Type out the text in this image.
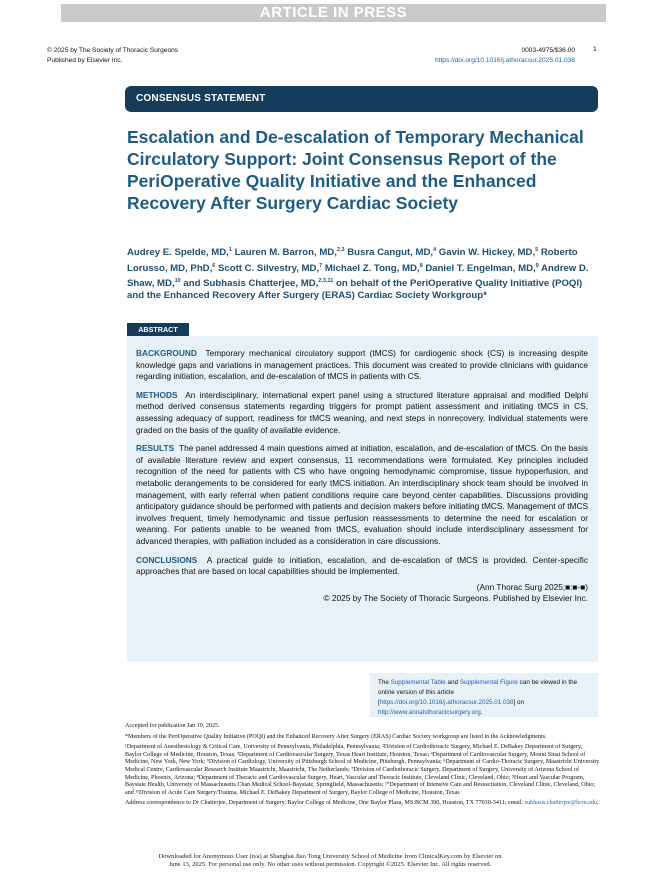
ARTICLE IN PRESS
© 2025 by The Society of Thoracic Surgeons
Published by Elsevier Inc.
0003-4975/$36.00
https://doi.org/10.1016/j.athoracsur.2025.01.038
1
CONSENSUS STATEMENT
Escalation and De-escalation of Temporary Mechanical Circulatory Support: Joint Consensus Report of the PeriOperative Quality Initiative and the Enhanced Recovery After Surgery Cardiac Society
Audrey E. Spelde, MD,$^1$ Lauren M. Barron, MD,$^{2,3}$ Busra Cangut, MD,$^4$ Gavin W. Hickey, MD,$^5$ Roberto Lorusso, MD, PhD,$^6$ Scott C. Silvestry, MD,$^7$ Michael Z. Tong, MD,$^8$ Daniel T. Engelman, MD,$^9$ Andrew D. Shaw, MD,$^{10}$ and Subhasis Chatterjee, MD,$^{2,3,11}$ on behalf of the PeriOperative Quality Initiative (POQI) and the Enhanced Recovery After Surgery (ERAS) Cardiac Society Workgroup*
ABSTRACT

BACKGROUND Temporary mechanical circulatory support (tMCS) for cardiogenic shock (CS) is increasing despite knowledge gaps and variations in management practices. This document was created to provide clinicians with guidance regarding initiation, escalation, and de-escalation of tMCS in patients with CS.

METHODS An interdisciplinary, international expert panel using a structured literature appraisal and modified Delphi method derived consensus statements regarding triggers for prompt patient assessment and initiating tMCS in CS, assessing adequacy of support, readiness for tMCS weaning, and next steps in nonrecovery. Individual statements were graded on the basis of the quality of available evidence.

RESULTS The panel addressed 4 main questions aimed at initiation, escalation, and de-escalation of tMCS. On the basis of available literature review and expert consensus, 11 recommendations were formulated. Key principles included recognition of the need for patients with CS who have ongoing hemodynamic compromise, tissue hypoperfusion, and metabolic derangements to be considered for early tMCS initiation. An interdisciplinary shock team should be involved in management, with early referral when patient conditions require care beyond center capabilities. Discussions providing anticipatory guidance should be performed with patients and decision makers before initiating tMCS. Management of tMCS involves frequent, timely hemodynamic and tissue perfusion reassessments to determine the need for escalation or weaning. For patients unable to be weaned from tMCS, evaluation should include interdisciplinary assessment for advanced therapies, with palliation included as a consideration in care discussions.

CONCLUSIONS A practical guide to initiation, escalation, and de-escalation of tMCS is provided. Center-specific approaches that are based on local capabilities should be implemented.

(Ann Thorac Surg 2025;■:■-■)

© 2025 by The Society of Thoracic Surgeons. Published by Elsevier Inc.

The Supplemental Table and Supplemental Figure can be viewed in the online version of this article [https://doi.org/10.1016/j.athoracsur.2025.01.038] on http://www.annalsthoracicsurgery.org.

Accepted for publication Jan 19, 2025.

*Members of the PeriOperative Quality Initiative (POQI) and the Enhanced Recovery After Surgery (ERAS) Cardiac Society workgroup are listed in the Acknowledgments.

¹Department of Anesthesiology & Critical Care, University of Pennsylvania, Philadelphia, Pennsylvania; ²Division of Cardiothoracic Surgery, Michael E. DeBakey Department of Surgery, Baylor College of Medicine, Houston, Texas; ³Department of Cardiovascular Surgery, Texas Heart Institute, Houston, Texas; ⁴Department of Cardiovascular Surgery, Mount Sinai School of Medicine, New York, New York; ⁵Division of Cardiology, University of Pittsburgh School of Medicine, Pittsburgh, Pennsylvania; ⁶Department of Cardio-Thoracic Surgery, Maastricht University Medical Centre, Cardiovascular Research Institute Maastricht, Maastricht, The Netherlands; ⁷Division of Cardiothoracic Surgery, Department of Surgery, University of Arizona School of Medicine, Phoenix, Arizona; ⁸Department of Thoracic and Cardiovascular Surgery, Heart, Vascular and Thoracic Institute, Cleveland Clinic, Cleveland, Ohio; ⁹Heart and Vascular Program, Baystate Health, University of Massachusetts Chan Medical School-Baystate, Springfield, Massachusetts; ¹⁰Department of Intensive Care and Resuscitation, Cleveland Clinic, Cleveland, Ohio; and ¹¹Division of Acute Care Surgery/Trauma, Michael E. DeBakey Department of Surgery, Baylor College of Medicine, Houston, Texas

Address correspondence to Dr Chatterjee, Department of Surgery, Baylor College of Medicine, One Baylor Plaza, MS:BCM 390, Houston, TX 77030-3411; email: subhasis.chatterjee@bcm.edu.

Downloaded for Anonymous User (n/a) at Shanghai Jiao Tong University School of Medicine from ClinicalKey.com by Elsevier on
June 13, 2025. For personal use only. No other uses without permission. Copyright ©2025. Elsevier Inc. All rights reserved.
